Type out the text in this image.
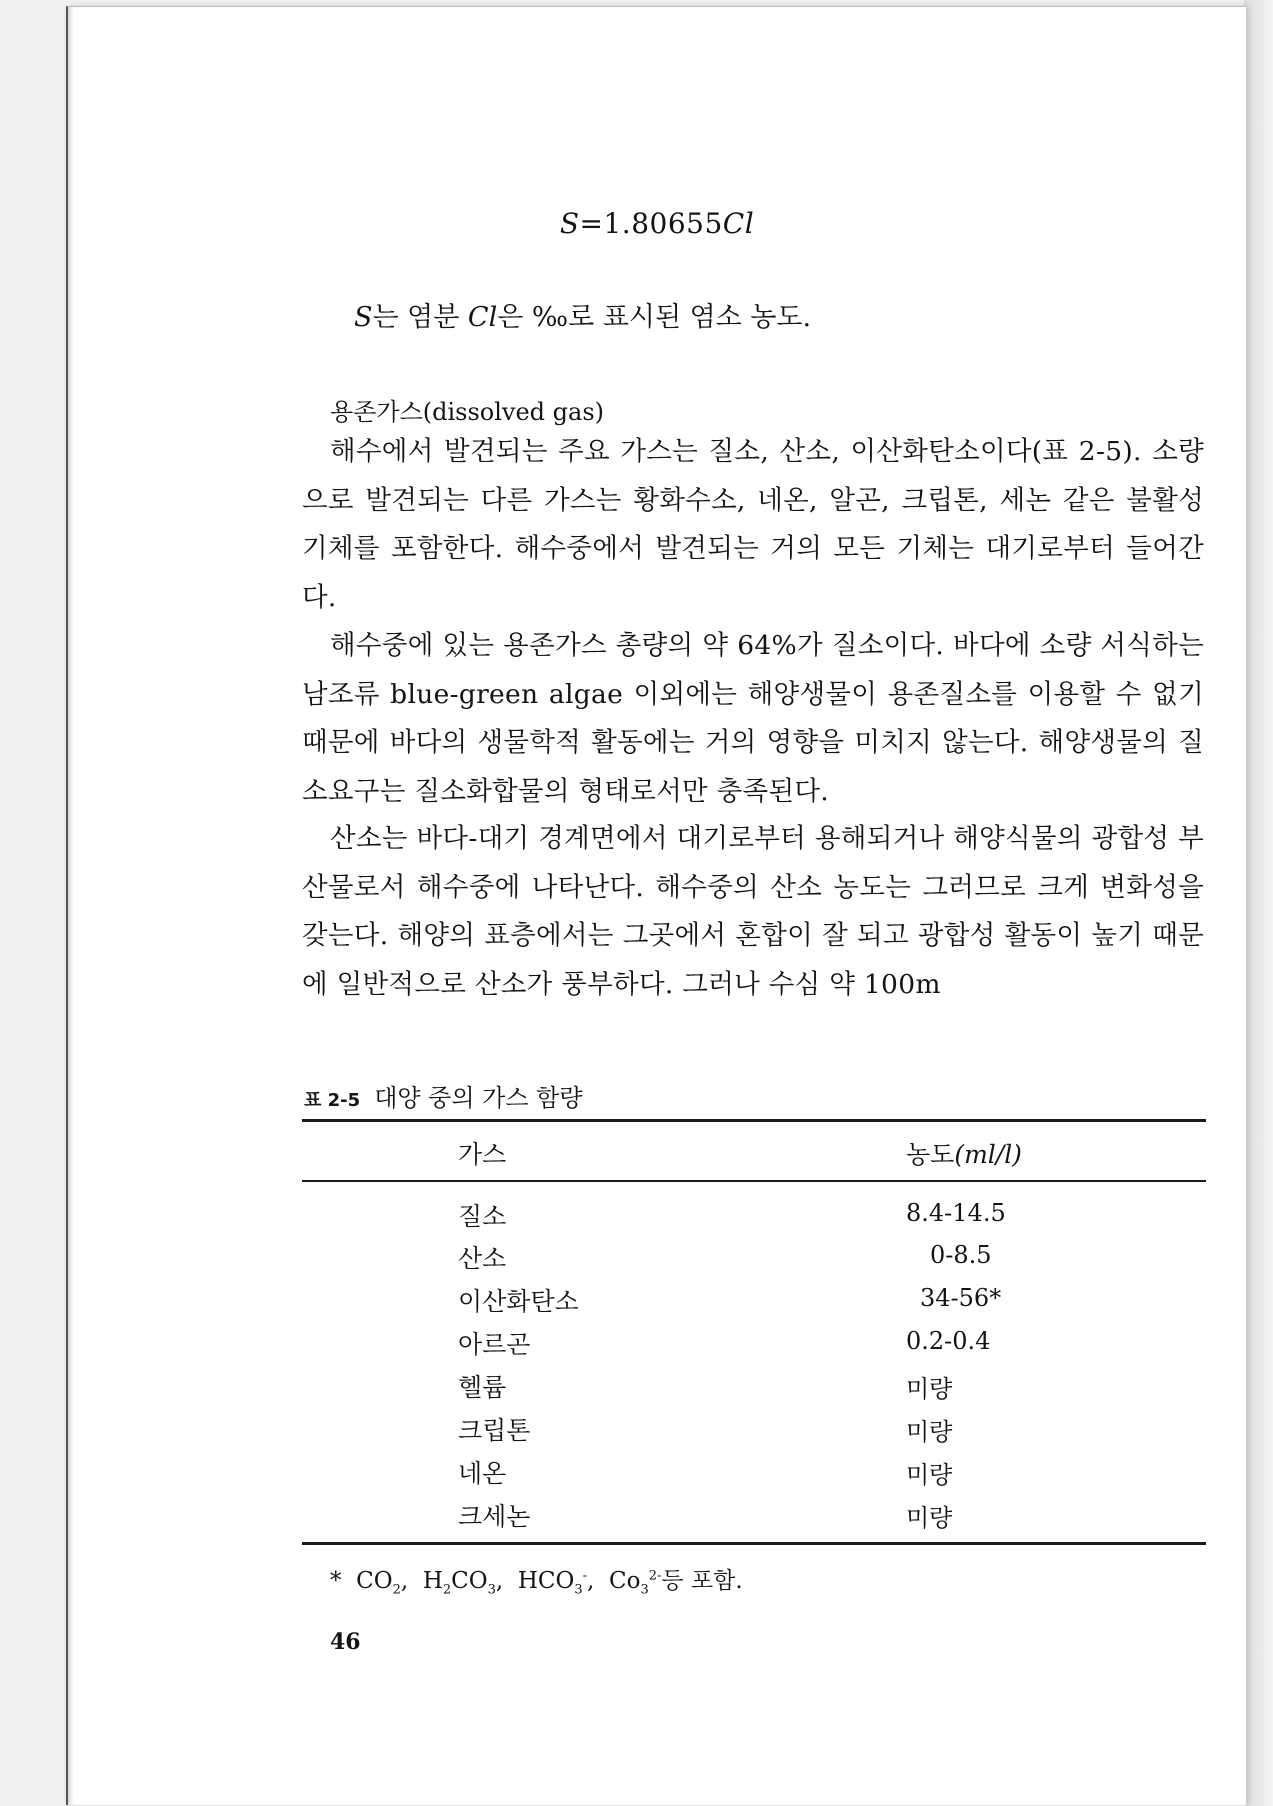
S=1.80655Cl
S는 염분 Cl은 ‰로 표시된 염소 농도.
용존가스(dissolved gas)
해수에서 발견되는 주요 가스는 질소, 산소, 이산화탄소이다(표 2-5). 소량으로 발견되는 다른 가스는 황화수소, 네온, 알곤, 크립톤, 세논 같은 불활성 기체를 포함한다. 해수중에서 발견되는 거의 모든 기체는 대기로부터 들어간다.
해수중에 있는 용존가스 총량의 약 64%가 질소이다. 바다에 소량 서식하는 남조류 blue-green algae 이외에는 해양생물이 용존질소를 이용할 수 없기 때문에 바다의 생물학적 활동에는 거의 영향을 미치지 않는다. 해양생물의 질소요구는 질소화합물의 형태로서만 충족된다.
산소는 바다-대기 경계면에서 대기로부터 용해되거나 해양식물의 광합성 부산물로서 해수중에 나타난다. 해수중의 산소 농도는 그러므로 크게 변화성을 갖는다. 해양의 표층에서는 그곳에서 혼합이 잘 되고 광합성 활동이 높기 때문에 일반적으로 산소가 풍부하다. 그러나 수심 약 100m
표 2-5 대양 중의 가스 함량
가스	농도(ml/l)
질소	8.4-14.5
산소	0-8.5
이산화탄소	34-56*
아르곤	0.2-0.4
헬륨	미량
크립톤	미량
네온	미량
크세논	미량
* $CO_2$,  $H_2CO_3$,  $HCO_3^-$,  $Co_3^{2-}$등 포함.
46
